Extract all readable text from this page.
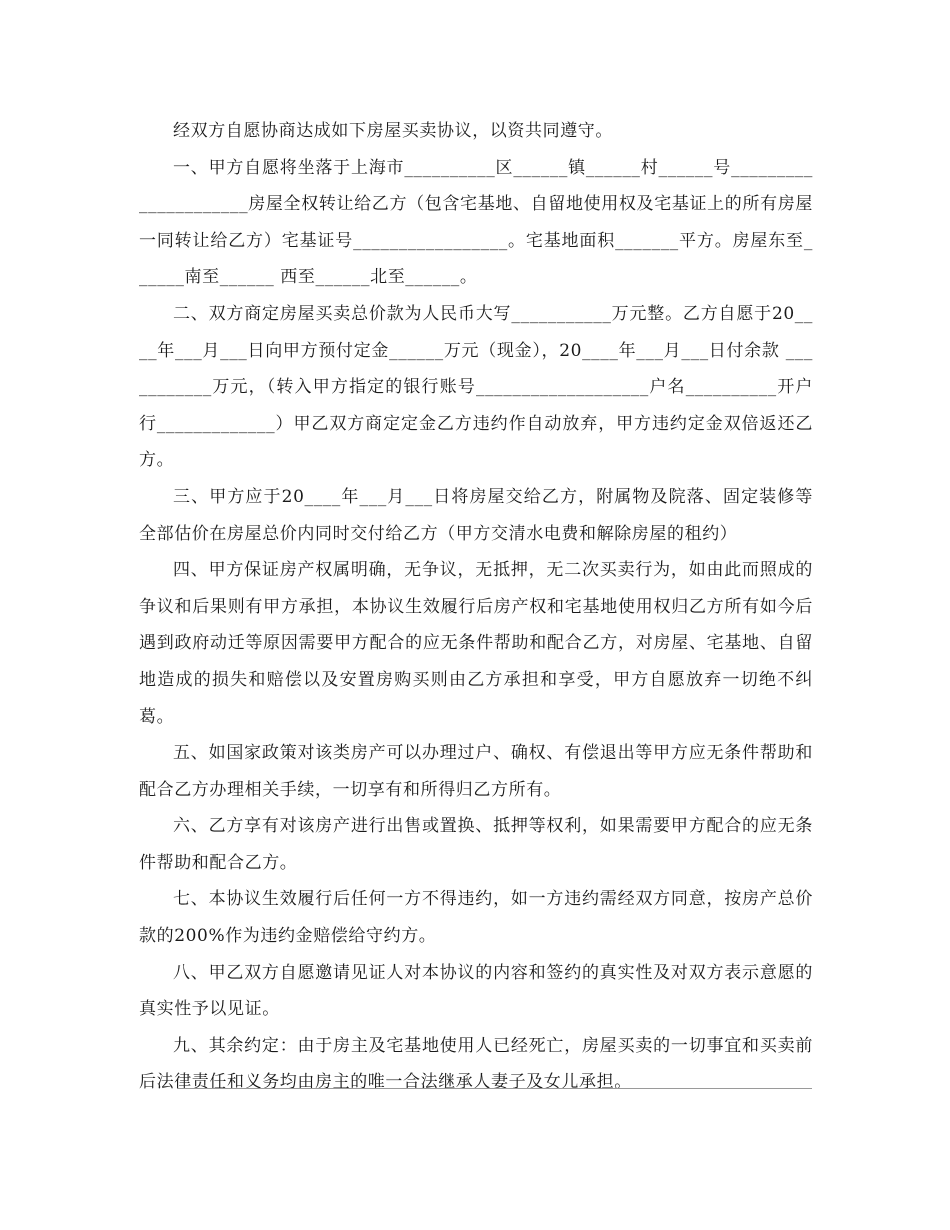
经双方自愿协商达成如下房屋买卖协议，以资共同遵守。

一、甲方自愿将坐落于上海市__________区______镇______村______号_____________________房屋全权转让给乙方（包含宅基地、自留地使用权及宅基证上的所有房屋一同转让给乙方）宅基证号_________________。宅基地面积_______平方。房屋东至______南至______ 西至______北至______。

二、双方商定房屋买卖总价款为人民币大写___________万元整。乙方自愿于20____年___月___日向甲方预付定金______万元（现金），20____年___月___日付余款 ___________万元，（转入甲方指定的银行账号___________________户名__________开户行_____________）甲乙双方商定定金乙方违约作自动放弃，甲方违约定金双倍返还乙方。

三、甲方应于20____年___月___日将房屋交给乙方，附属物及院落、固定装修等全部估价在房屋总价内同时交付给乙方（甲方交清水电费和解除房屋的租约）

四、甲方保证房产权属明确，无争议，无抵押，无二次买卖行为，如由此而照成的争议和后果则有甲方承担，本协议生效履行后房产权和宅基地使用权归乙方所有如今后遇到政府动迁等原因需要甲方配合的应无条件帮助和配合乙方，对房屋、宅基地、自留地造成的损失和赔偿以及安置房购买则由乙方承担和享受，甲方自愿放弃一切绝不纠葛。

五、如国家政策对该类房产可以办理过户、确权、有偿退出等甲方应无条件帮助和配合乙方办理相关手续，一切享有和所得归乙方所有。

六、乙方享有对该房产进行出售或置换、抵押等权利，如果需要甲方配合的应无条件帮助和配合乙方。

七、本协议生效履行后任何一方不得违约，如一方违约需经双方同意，按房产总价款的200%作为违约金赔偿给守约方。

八、甲乙双方自愿邀请见证人对本协议的内容和签约的真实性及对双方表示意愿的真实性予以见证。

九、其余约定：由于房主及宅基地使用人已经死亡，房屋买卖的一切事宜和买卖前后法律责任和义务均由房主的唯一合法继承人妻子及女儿承担。
